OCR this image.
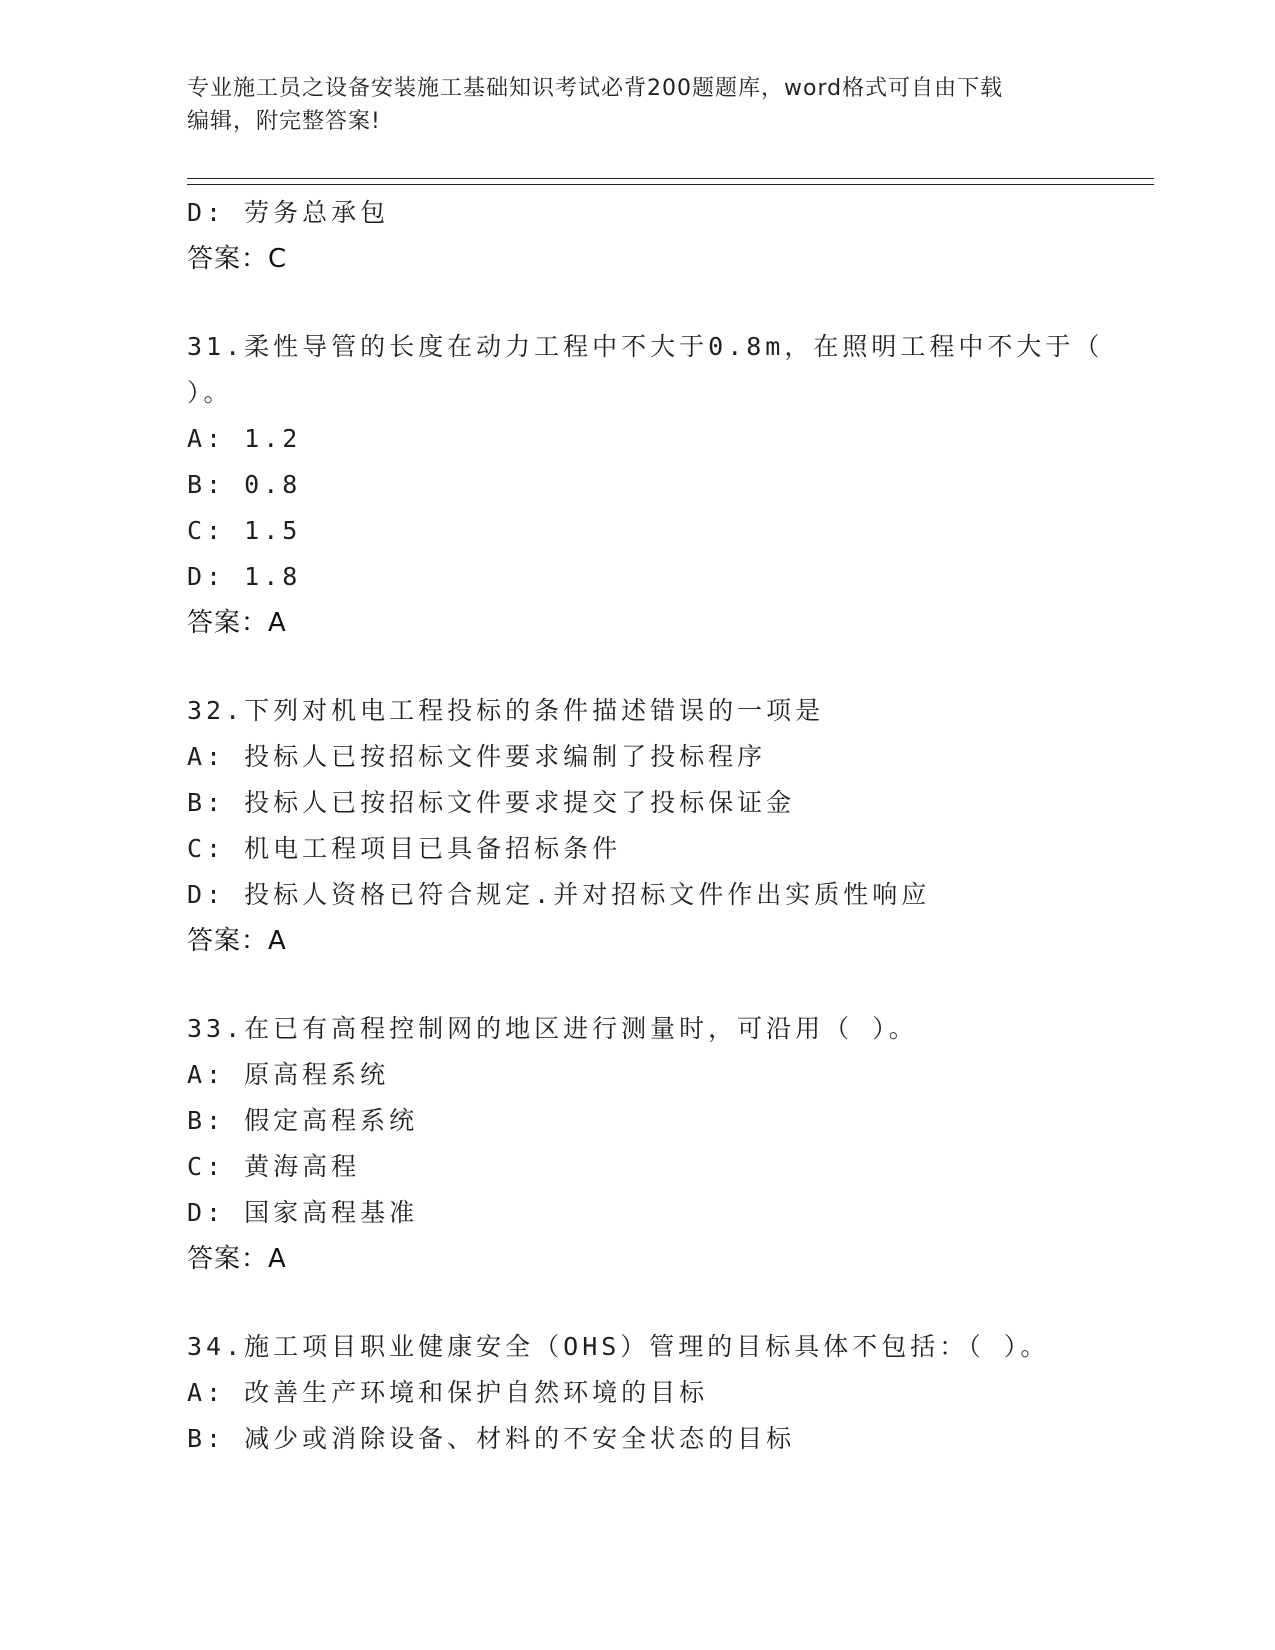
专业施工员之设备安装施工基础知识考试必背200题题库，word格式可自由下载
编辑，附完整答案!
D: 劳务总承包
答案：C
31.柔性导管的长度在动力工程中不大于0.8m，在照明工程中不大于（
）。
A: 1.2
B: 0.8
C: 1.5
D: 1.8
答案：A
32.下列对机电工程投标的条件描述错误的一项是
A: 投标人已按招标文件要求编制了投标程序
B: 投标人已按招标文件要求提交了投标保证金
C: 机电工程项目已具备招标条件
D: 投标人资格已符合规定.并对招标文件作出实质性响应
答案：A
33.在已有高程控制网的地区进行测量时，可沿用（ ）。
A: 原高程系统
B: 假定高程系统
C: 黄海高程
D: 国家高程基准
答案：A
34.施工项目职业健康安全（OHS）管理的目标具体不包括：（ ）。
A: 改善生产环境和保护自然环境的目标
B: 减少或消除设备、材料的不安全状态的目标
